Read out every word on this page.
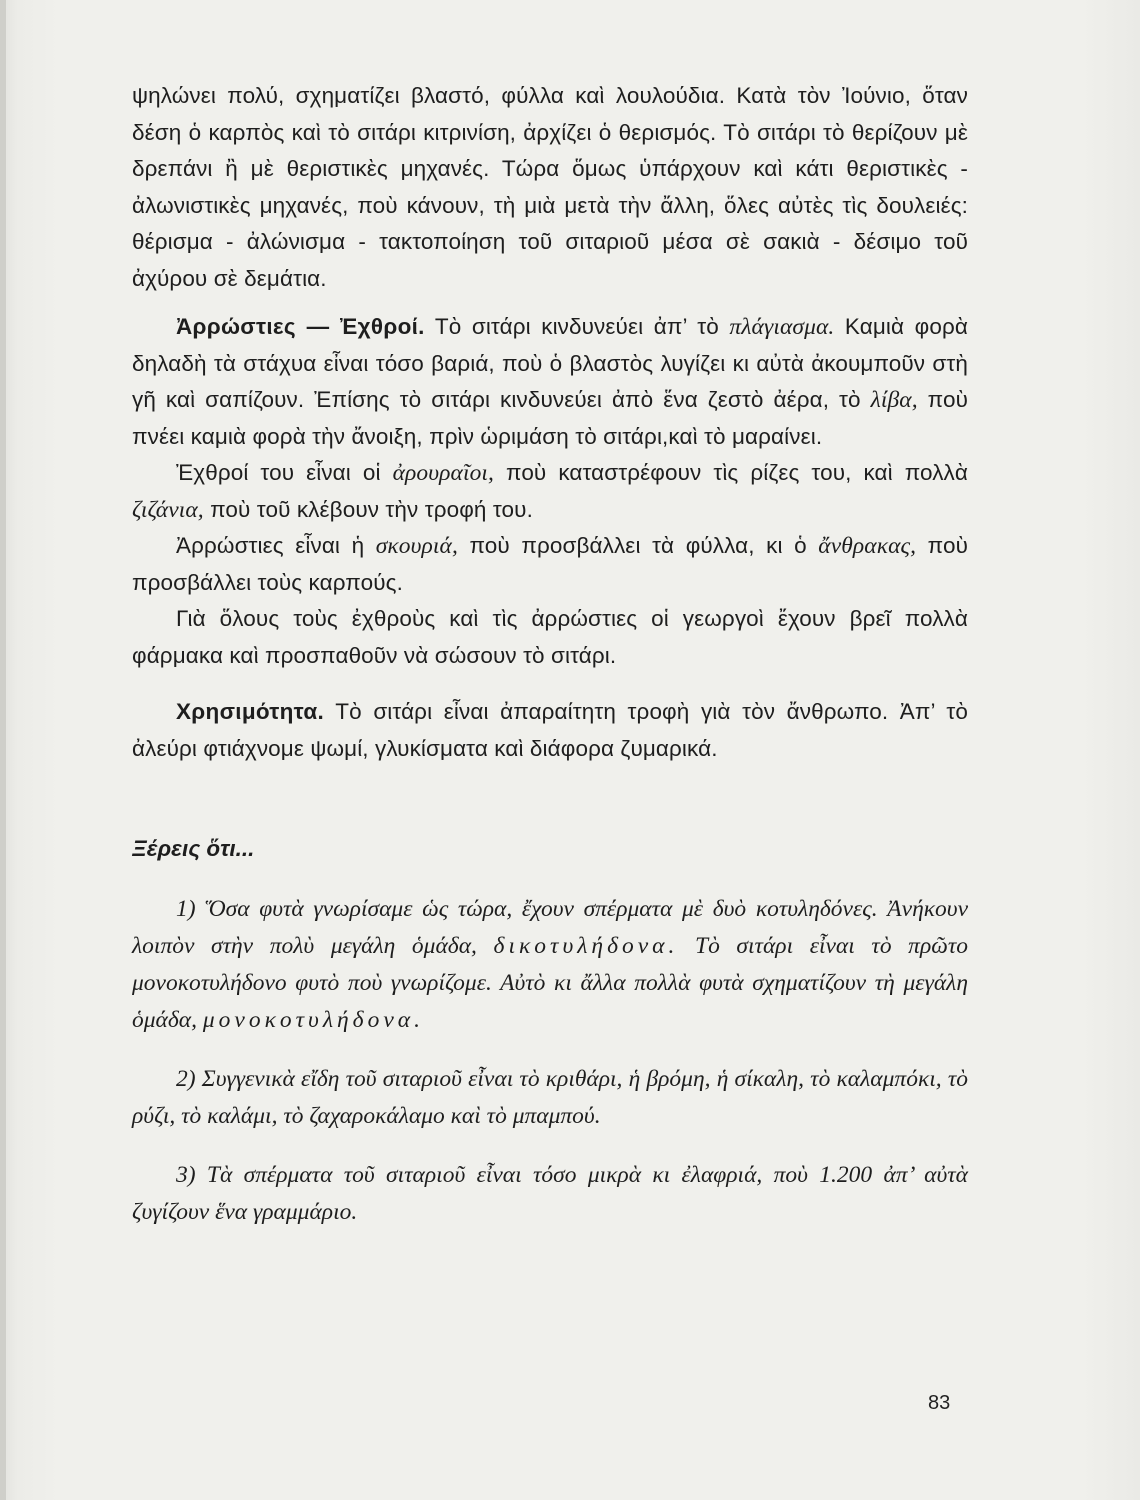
ψηλώνει πολύ, σχηματίζει βλαστό, φύλλα καὶ λουλούδια. Κατὰ τὸν Ἰούνιο, ὅταν δέση ὁ καρπὸς καὶ τὸ σιτάρι κιτρινίση, ἀρχίζει ὁ θερισμός. Τὸ σιτάρι τὸ θερίζουν μὲ δρεπάνι ἢ μὲ θεριστικὲς μηχανές. Τώρα ὅμως ὑπάρχουν καὶ κάτι θεριστικὲς - ἀλωνιστικὲς μηχανές, ποὺ κάνουν, τὴ μιὰ μετὰ τὴν ἄλλη, ὅλες αὐτὲς τὶς δουλειές: θέρισμα - ἀλώνισμα - τακτοποίηση τοῦ σιταριοῦ μέσα σὲ σακιὰ - δέσιμο τοῦ ἀχύρου σὲ δεμάτια.

Ἀρρώστιες — Ἐχθροί. Τὸ σιτάρι κινδυνεύει ἀπ’ τὸ πλάγιασμα. Καμιὰ φορὰ δηλαδὴ τὰ στάχυα εἶναι τόσο βαριά, ποὺ ὁ βλαστὸς λυγίζει κι αὐτὰ ἀκουμποῦν στὴ γῆ καὶ σαπίζουν. Ἐπίσης τὸ σιτάρι κινδυνεύει ἀπὸ ἕνα ζεστὸ ἀέρα, τὸ λίβα, ποὺ πνέει καμιὰ φορὰ τὴν ἄνοιξη, πρὶν ὡριμάση τὸ σιτάρι,καὶ τὸ μαραίνει.

Ἐχθροί του εἶναι οἱ ἀρουραῖοι, ποὺ καταστρέφουν τὶς ρίζες του, καὶ πολλὰ ζιζάνια, ποὺ τοῦ κλέβουν τὴν τροφή του.

Ἀρρώστιες εἶναι ἡ σκουριά, ποὺ προσβάλλει τὰ φύλλα, κι ὁ ἄνθρακας, ποὺ προσβάλλει τοὺς καρπούς.

Γιὰ ὅλους τοὺς ἐχθροὺς καὶ τὶς ἀρρώστιες οἱ γεωργοὶ ἔχουν βρεῖ πολλὰ φάρμακα καὶ προσπαθοῦν νὰ σώσουν τὸ σιτάρι.

Χρησιμότητα. Τὸ σιτάρι εἶναι ἀπαραίτητη τροφὴ γιὰ τὸν ἄνθρωπο. Ἀπ’ τὸ ἀλεύρι φτιάχνομε ψωμί, γλυκίσματα καὶ διάφορα ζυμαρικά.

Ξέρεις ὅτι...

1) Ὅσα φυτὰ γνωρίσαμε ὡς τώρα, ἔχουν σπέρματα μὲ δυὸ κοτυληδόνες. Ἀνήκουν λοιπὸν στὴν πολὺ μεγάλη ὁμάδα, δικοτυλήδονα. Τὸ σιτάρι εἶναι τὸ πρῶτο μονοκοτυλήδονο φυτὸ ποὺ γνωρίζομε. Αὐτὸ κι ἄλλα πολλὰ φυτὰ σχηματίζουν τὴ μεγάλη ὁμάδα, μονοκοτυλήδονα.

2) Συγγενικὰ εἴδη τοῦ σιταριοῦ εἶναι τὸ κριθάρι, ἡ βρόμη, ἡ σίκαλη, τὸ καλαμπόκι, τὸ ρύζι, τὸ καλάμι, τὸ ζαχαροκάλαμο καὶ τὸ μπαμπού.

3) Τὰ σπέρματα τοῦ σιταριοῦ εἶναι τόσο μικρὰ κι ἐλαφριά, ποὺ 1.200 ἀπ’ αὐτὰ ζυγίζουν ἕνα γραμμάριο.

83
